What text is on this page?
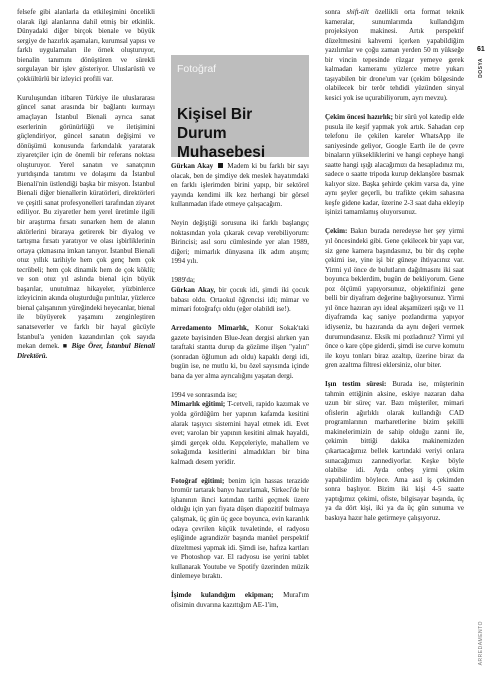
61
DOSYA
ARREDAMENTO

felsefe gibi alanlarla da etkileşimini öncelikli olarak ilgi alanlarına dahil etmiş bir etkinlik. Dünyadaki diğer birçok bienale ve büyük sergiye de hazırlık aşamaları, kurumsal yapısı ve farklı uygulamaları ile örnek oluşturuyor, bienalin tanımını dönüştüren ve sürekli sorgulayan bir işlev gösteriyor. Uluslarüstü ve çokkültürlü bir izleyici profili var.

Kuruluşundan itibaren Türkiye ile uluslararası güncel sanat arasında bir bağlantı kurmayı amaçlayan İstanbul Bienali ayrıca sanat eserlerinin görünürlüğü ve iletişimini güçlendiriyor, güncel sanatın değişimi ve dönüşümü konusunda farkındalık yaratarak ziyaretçiler için de önemli bir referans noktası oluşturuyor. Yerel sanatın ve sanatçının yurtdışında tanıtımı ve dolaşımı da İstanbul Bienali'nin üstlendiği başka bir misyon. İstanbul Bienali diğer bienallerin küratörleri, direktörleri ve çeşitli sanat profesyonelleri tarafından ziyaret ediliyor. Bu ziyaretler hem yerel üretimle ilgili bir araştırma fırsatı sunarken hem de alanın aktörlerini biraraya getirerek bir diyalog ve tartışma fırsatı yaratıyor ve olası işbirliklerinin ortaya çıkmasına imkan tanıyor. İstanbul Bienali otuz yıllık tarihiyle hem çok genç hem çok tecrübeli; hem çok dinamik hem de çok köklü; ve son otuz yıl aslında bienal için büyük başarılar, unutulmaz hikayeler, yüzbinlerce izleyicinin akında oluşturduğu pırıltılar, yüzlerce bienal çalışanının yüreğindeki heyecanlar, bienal ile büyüyerek yaşamını zenginleştiren sanatseverler ve farklı bir hayal gücüyle İstanbul'a yeniden kazandırılan çok sayıda mekan demek. ■ Bige Örer, İstanbul Bienali Direktörü.

Fotoğraf
Kişisel Bir Durum Muhasebesi

Gürkan Akay Madem ki bu farklı bir sayı olacak, ben de şimdiye dek meslek hayatımdaki en farklı işlerimden birini yapıp, bir sektörel yayında kendimi ilk kez herhangi bir görsel kullanmadan ifade etmeye çalışacağım.

Neyin değiştiği sorusuna iki farklı başlangıç noktasından yola çıkarak cevap verebiliyorum: Birincisi; asıl soru cümlesinde yer alan 1989, diğeri; mimarlık dünyasına ilk adım atışım; 1994 yılı.

1989'da;
Gürkan Akay, bir çocuk idi, şimdi iki çocuk babası oldu. Ortaokul öğrencisi idi; mimar ve mimari fotoğrafçı oldu (eğer olabildi ise!).

Arredamento Mimarlık, Konur Sokak'taki gazete bayisinden Blue-Jean dergisi alırken yan taraftaki stantta durup da gözüme ilişen "yalın" (sonradan öğlumun adı oldu) kapaklı dergi idi, bugün ise, ne mutlu ki, bu özel sayısında içinde bana da yer alma ayrıcalığını yaşatan dergi.

1994 ve sonrasında ise;
Mimarlık eğitimi; T-cetveli, rapido kazımak ve yolda gördüğüm her yapının kafamda kesitini alarak taşıyıcı sistemini hayal etmek idi. Evet evet; varolan bir yapının kesitini almak hayaldi, şimdi gerçek oldu. Kepçeleriyle, mahallem ve sokağımda kesitlerini almadıkları bir bina kalmadı desem yeridir.

Fotoğraf eğitimi; benim için hassas terazide bromür tartarak banyo hazırlamak, Sirkeci'de bir işhanının iknci katından tarihi geçmek üzere olduğu için yarı fiyata düşen diapozitif bulmaya çalışmak, üç gün üç gece boyunca, evin karanlık odaya çevrilen küçük tuvaletinde, el radyosu eşliğinde agrandizör başında manüel perspektif düzeltmesi yapmak idi. Şimdi ise, hafıza kartları ve Photoshop var. El radyosu ise yerini tablet kullanarak Youtube ve Spotify üzerinden müzik dinlemeye bıraktı.

İşimde kulandığım ekipman; Mural'ım ofisimin duvarına kazıttığım AE-1'im,

sonra shift-tilt özellikli orta format teknik kameralar, sunumlarımda kullandığım projeksiyon makinesi. Artık perspektif düzeltmesini kahvemi içerken yapabildiğim yazılımlar ve çoğu zaman yerden 50 m yükseğe bir vincin tepesinde rüzgar yemeye gerek kalmadan kameramı yüzlerce metre yukarı taşıyabilen bir drone'um var (çekim bölgesinde olabilecek bir terör tehdidi yüzünden sinyal kesici yok ise uçurabiliyorum, ayrı mevzu).

Çekim öncesi hazırlık; bir sürü yol katedip elde pusula ile keşif yapmak yok artık. Sahadan cep telefonu ile çekilen kareler WhatsApp ile saniyesinde geliyor, Google Earth ile de çevre binaların yüksekliklerini ve hangi cepheye hangi saatte hangi ışığı alacağımızı da hesapladınız mı, sadece o saatte tripoda kurup deklanşöre basmak kalıyor size. Başka şehirde çekim varsa da, yine aynı şeyler geçerli, bu trafikte çekim sahasına keşfe gidene kadar, üzerine 2-3 saat daha ekleyip işinizi tamamlamış oluyorsunuz.

Çekim: Bakın burada neredeyse her şey yirmi yıl öncesindeki gibi. Gene çekilecek bir yapı var, siz gene kamera başındasınız, bu bir dış cephe çekimi ise, yine işi bir güneşe ihtiyacınız var. Yirmi yıl önce de bulutların dağılmasını iki saat boyunca beklerdim, bugün de bekliyorum. Gene poz ölçümü yapıyorsunuz, objektifinizi gene belli bir diyafram değerine bağlıyorsunuz. Yirmi yıl önce hazıran ayı ideal akşamüzeri ışığı ve 11 diyaframda kaç saniye pozlandırma yapıyor idiyseniz, bu hazıranda da aynı değeri vermek durumundasınız. Eksik mi pozladınız? Yirmi yıl önce o kare çöpe giderdi, şimdi ise curve komutu ile koyu tonları biraz azaltıp, üzerine biraz da gren azaltma filtresi eklersiniz, olur biter.

Işın testim süresi: Burada ise, müşterinin tahmin ettiğinin aksine, eskiye nazaran daha uzun bir süreç var. Bazı müşteriler, mimari ofislerin ağırlıklı olarak kullandığı CAD programlarının marharetlerine bizim şekilli makinelerimizin de sahip olduğu zanni ile, çekimin bittiği dakika makinemizden çıkartacağımız bellek kartındaki veriyi onlara sunacağımızı zannediyorlar. Keşke böyle olabilse idi. Ayda onbeş yirmi çekim yapabilirdim böylece. Ama asıl iş çekimden sonra başlıyor. Bizim iki kişi 4-5 saatte yaptığımız çekimi, ofiste, bilgisayar başında, üç ya da dört kişi, iki ya da üç gün sunuma ve baskıya hazır hale getirmeye çalışıyoruz.
